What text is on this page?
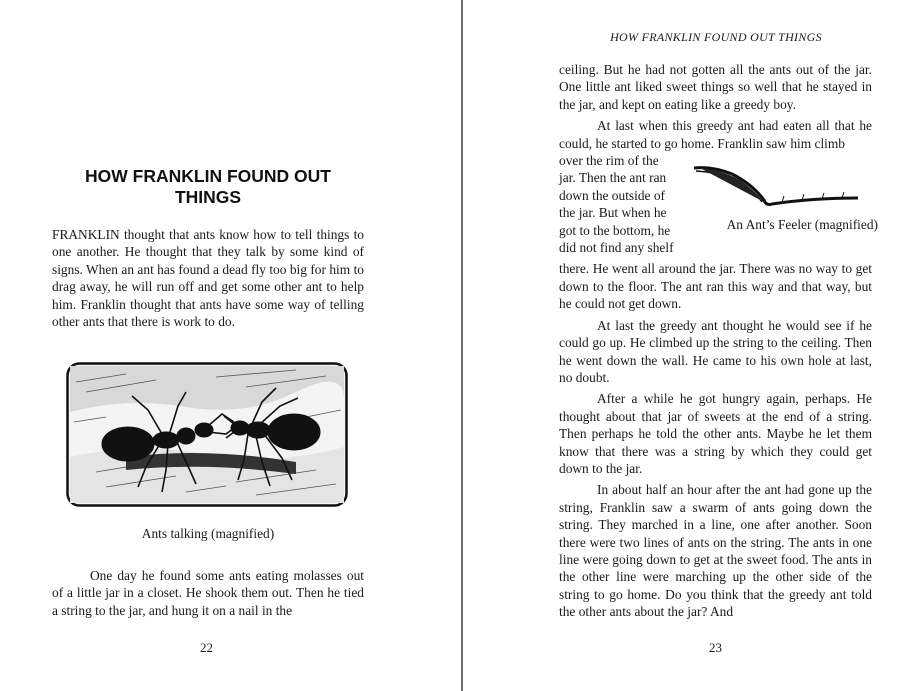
HOW FRANKLIN FOUND OUT
THINGS

FRANKLIN thought that ants know how to tell things to one another. He thought that they talk by some kind of signs. When an ant has found a dead fly too big for him to drag away, he will run off and get some other ant to help him. Franklin thought that ants have some way of telling other ants that there is work to do.

Ants talking (magnified)

One day he found some ants eating molasses out of a little jar in a closet. He shook them out. Then he tied a string to the jar, and hung it on a nail in the

22
HOW FRANKLIN FOUND OUT THINGS

ceiling. But he had not gotten all the ants out of the jar. One little ant liked sweet things so well that he stayed in the jar, and kept on eating like a greedy boy.

At last when this greedy ant had eaten all that he could, he started to go home. Franklin saw him climb

over the rim of the
jar. Then the ant ran
down the outside of
the jar. But when he
got to the bottom, he
did not find any shelf

An Ant’s Feeler (magnified)

there. He went all around the jar. There was no way to get down to the floor. The ant ran this way and that way, but he could not get down.

At last the greedy ant thought he would see if he could go up. He climbed up the string to the ceiling. Then he went down the wall. He came to his own hole at last, no doubt.

After a while he got hungry again, perhaps. He thought about that jar of sweets at the end of a string. Then perhaps he told the other ants. Maybe he let them know that there was a string by which they could get down to the jar.

In about half an hour after the ant had gone up the string, Franklin saw a swarm of ants going down the string. They marched in a line, one after another. Soon there were two lines of ants on the string. The ants in one line were going down to get at the sweet food. The ants in the other line were marching up the other side of the string to go home. Do you think that the greedy ant told the other ants about the jar? And

23
